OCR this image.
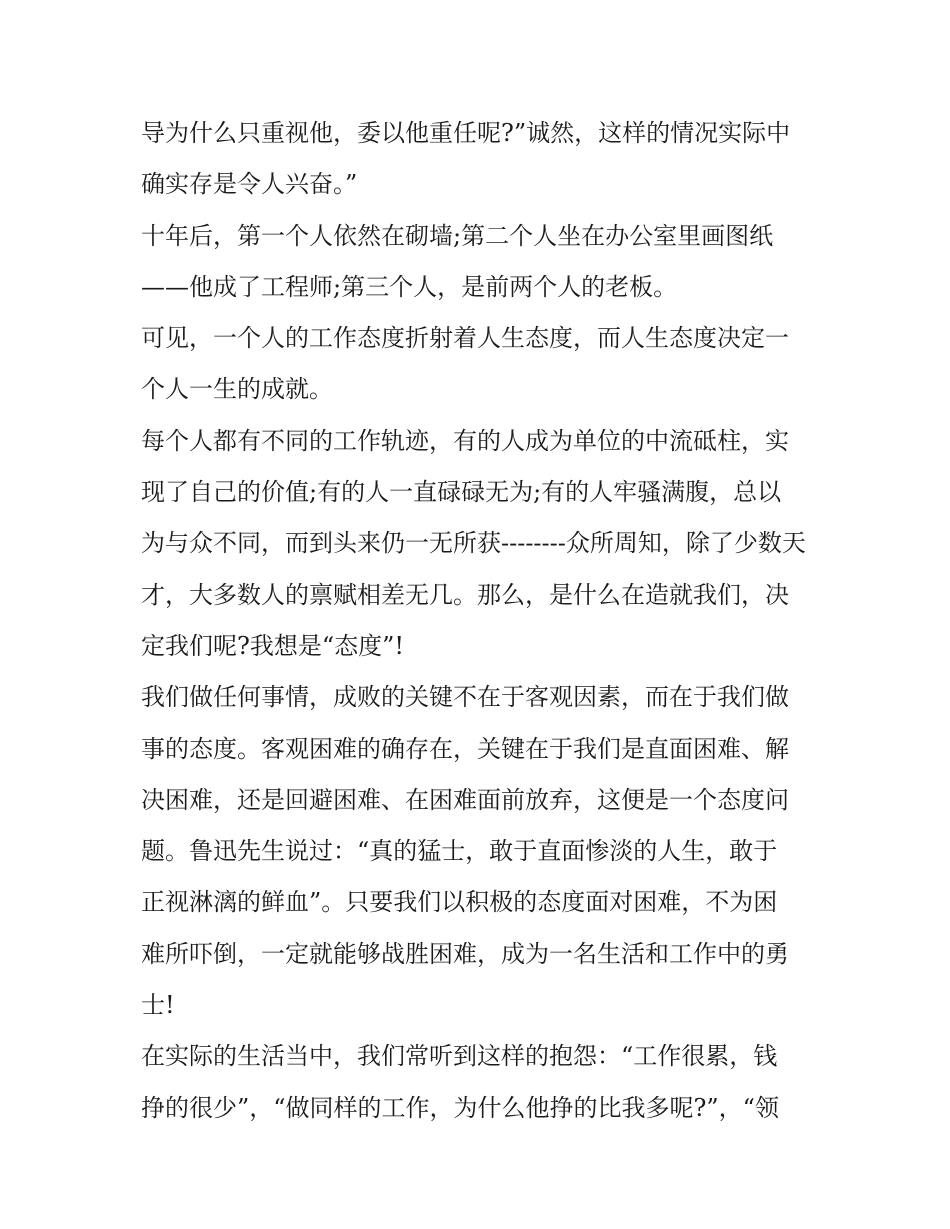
导为什么只重视他，委以他重任呢?”诚然，这样的情况实际中
确实存是令人兴奋。”
十年后，第一个人依然在砌墙;第二个人坐在办公室里画图纸
——他成了工程师;第三个人，是前两个人的老板。
可见，一个人的工作态度折射着人生态度，而人生态度决定一
个人一生的成就。
每个人都有不同的工作轨迹，有的人成为单位的中流砥柱，实
现了自己的价值;有的人一直碌碌无为;有的人牢骚满腹，总以
为与众不同，而到头来仍一无所获--------众所周知，除了少数天
才，大多数人的禀赋相差无几。那么，是什么在造就我们，决
定我们呢?我想是“态度”!
我们做任何事情，成败的关键不在于客观因素，而在于我们做
事的态度。客观困难的确存在，关键在于我们是直面困难、解
决困难，还是回避困难、在困难面前放弃，这便是一个态度问
题。鲁迅先生说过：“真的猛士，敢于直面惨淡的人生，敢于
正视淋漓的鲜血”。只要我们以积极的态度面对困难，不为困
难所吓倒，一定就能够战胜困难，成为一名生活和工作中的勇
士!
在实际的生活当中，我们常听到这样的抱怨：“工作很累，钱
挣的很少”，“做同样的工作，为什么他挣的比我多呢?”，“领
